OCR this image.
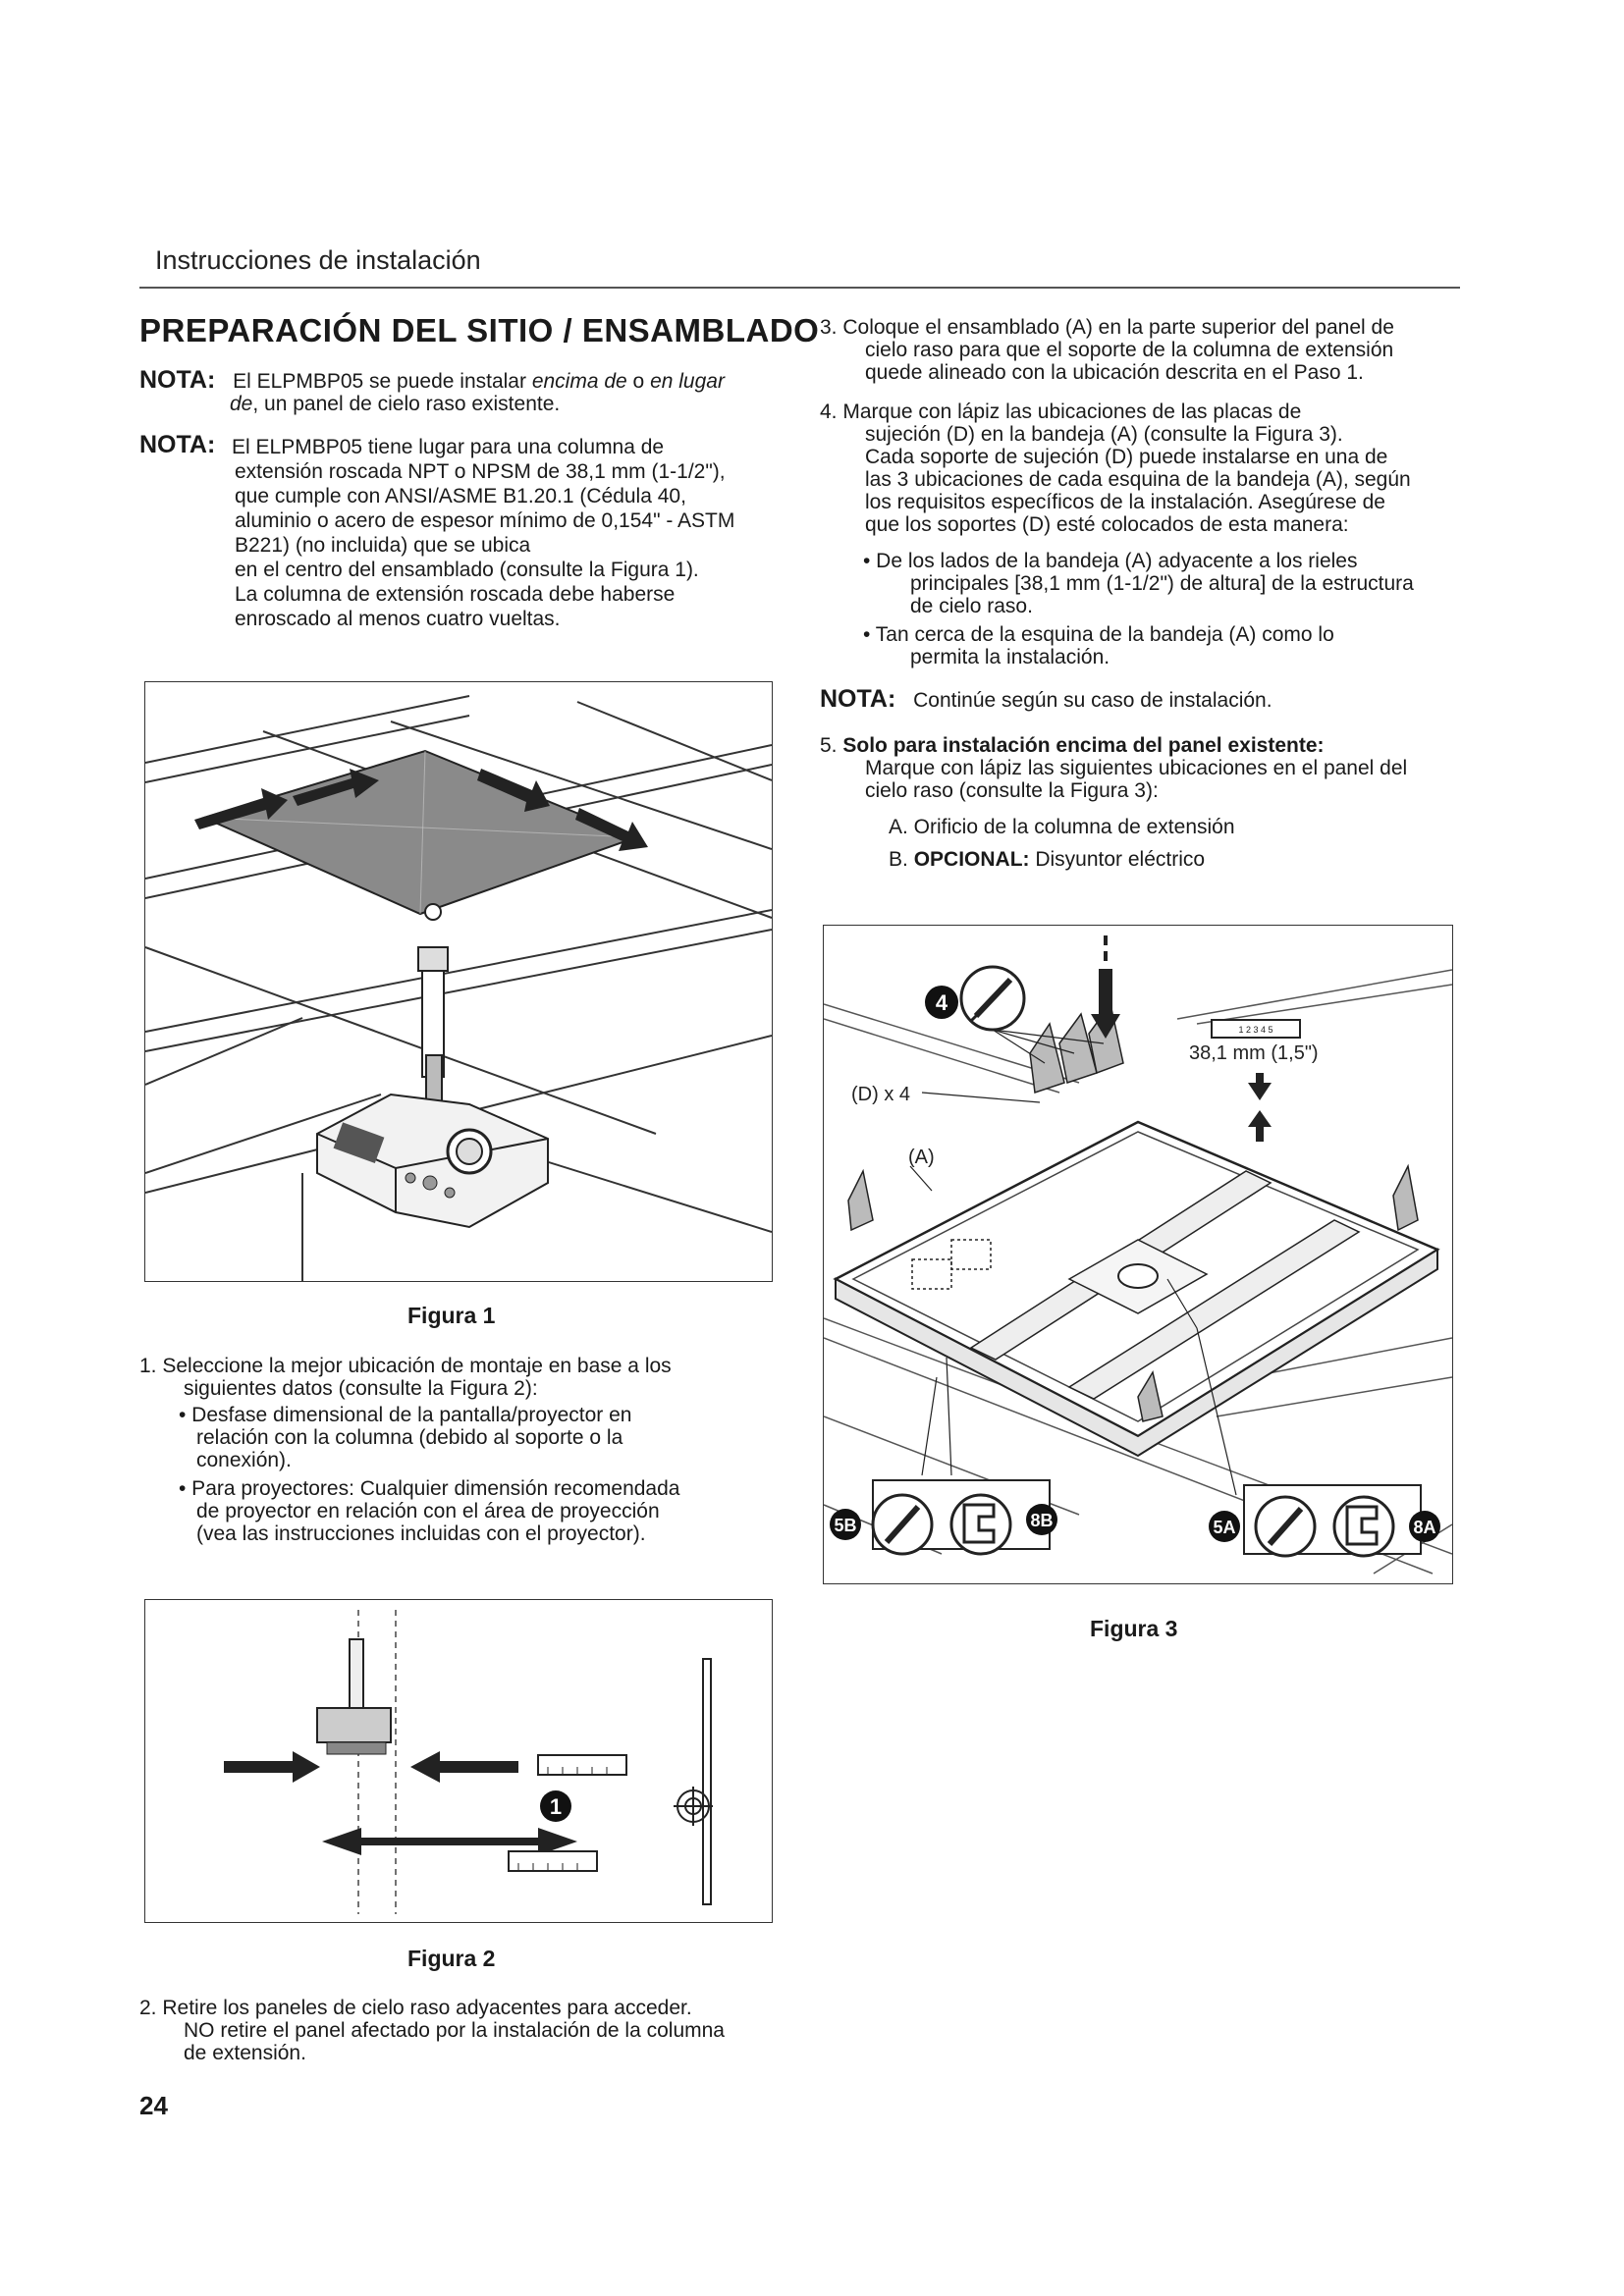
Instrucciones de instalación
PREPARACIÓN DEL SITIO / ENSAMBLADO
NOTA: El ELPMBP05 se puede instalar encima de o en lugar
de, un panel de cielo raso existente.
NOTA: El ELPMBP05 tiene lugar para una columna de
extensión roscada NPT o NPSM de 38,1 mm (1-1/2"),
que cumple con ANSI/ASME B1.20.1 (Cédula 40,
aluminio o acero de espesor mínimo de 0,154" - ASTM
B221) (no incluida) que se ubica
en el centro del ensamblado (consulte la Figura 1).
La columna de extensión roscada debe haberse
enroscado al menos cuatro vueltas.
Figura 1
1. Seleccione la mejor ubicación de montaje en base a los
siguientes datos (consulte la Figura 2):
• Desfase dimensional de la pantalla/proyector en
relación con la columna (debido al soporte o la
conexión).
• Para proyectores: Cualquier dimensión recomendada
de proyector en relación con el área de proyección
(vea las instrucciones incluidas con el proyector).
1
Figura 2
2. Retire los paneles de cielo raso adyacentes para acceder.
NO retire el panel afectado por la instalación de la columna
de extensión.
24
3. Coloque el ensamblado (A) en la parte superior del panel de
cielo raso para que el soporte de la columna de extensión
quede alineado con la ubicación descrita en el Paso 1.
4. Marque con lápiz las ubicaciones de las placas de
sujeción (D) en la bandeja (A) (consulte la Figura 3).
Cada soporte de sujeción (D) puede instalarse en una de
las 3 ubicaciones de cada esquina de la bandeja (A), según
los requisitos específicos de la instalación. Asegúrese de
que los soportes (D) esté colocados de esta manera:
• De los lados de la bandeja (A) adyacente a los rieles
principales [38,1 mm (1-1/2") de altura] de la estructura
de cielo raso.
• Tan cerca de la esquina de la bandeja (A) como lo
permita la instalación.
NOTA: Continúe según su caso de instalación.
5. Solo para instalación encima del panel existente:
Marque con lápiz las siguientes ubicaciones en el panel del
cielo raso (consulte la Figura 3):
A. Orificio de la columna de extensión
B. OPCIONAL: Disyuntor eléctrico
1 2 3 4 5
38,1 mm (1,5")
4
(D) x 4
(A)
5B	8B	5A	8A
Figura 3
